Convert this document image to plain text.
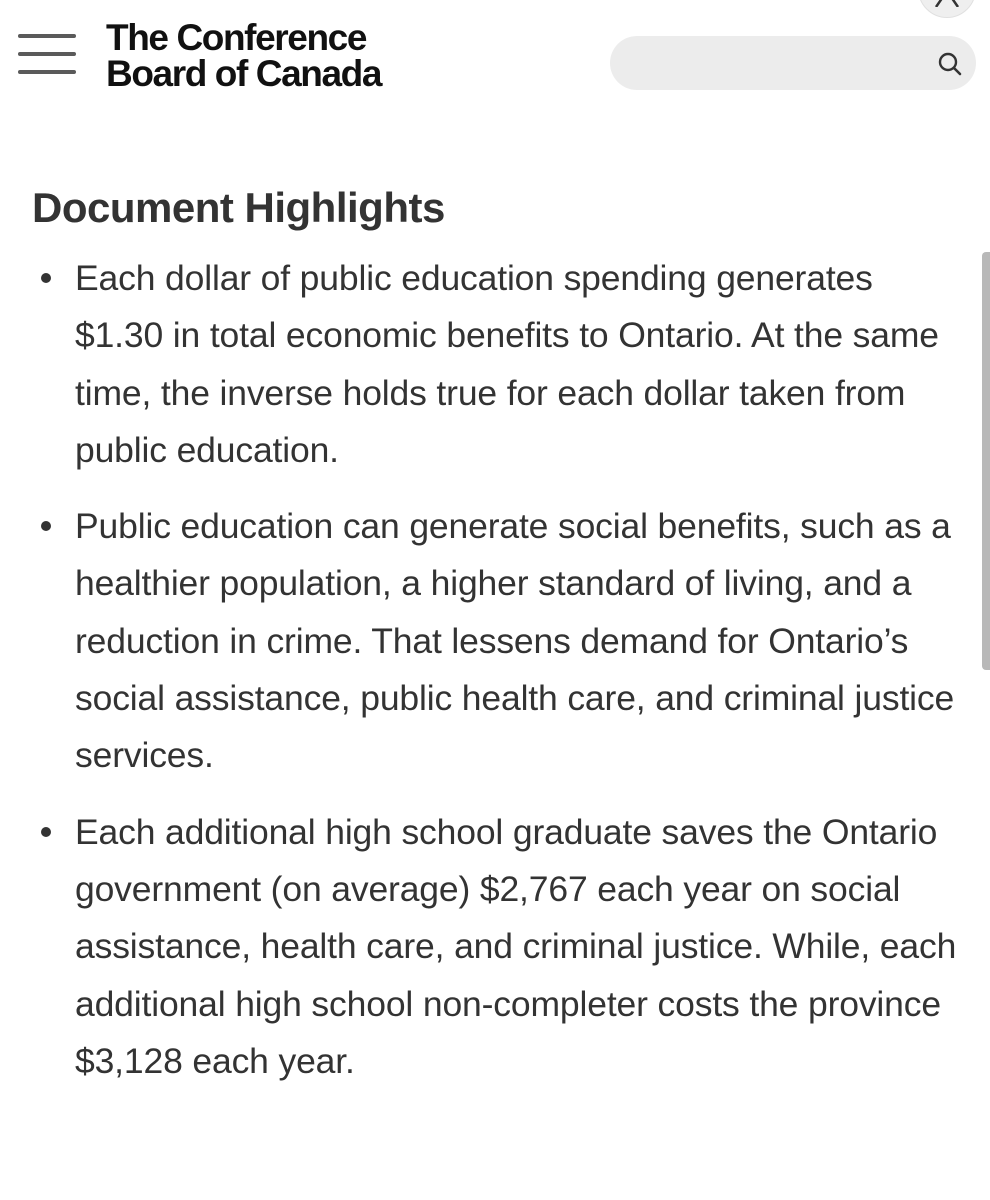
The Conference
Board of Canada
Document Highlights
Each dollar of public education spending generates $1.30 in total economic benefits to Ontario. At the same time, the inverse holds true for each dollar taken from public education.
Public education can generate social benefits, such as a healthier population, a higher standard of living, and a reduction in crime. That lessens demand for Ontario’s social assistance, public health care, and criminal justice services.
Each additional high school graduate saves the Ontario government (on average) $2,767 each year on social assistance, health care, and criminal justice. While, each additional high school non-completer costs the province $3,128 each year.
